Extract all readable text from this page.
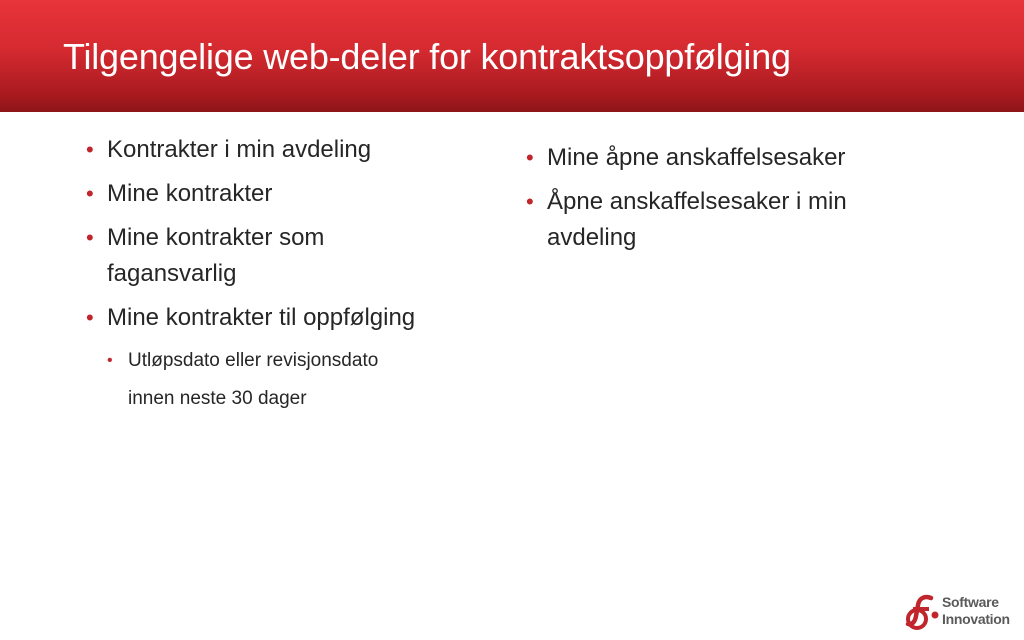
Tilgengelige web-deler for kontraktsoppfølging
• Kontrakter i min avdeling
• Mine kontrakter
• Mine kontrakter som fagansvarlig
• Mine kontrakter til oppfølging
• Utløpsdato eller revisjonsdato innen neste 30 dager
• Mine åpne anskaffelsesaker
• Åpne anskaffelsesaker i min avdeling
Software
Innovation
